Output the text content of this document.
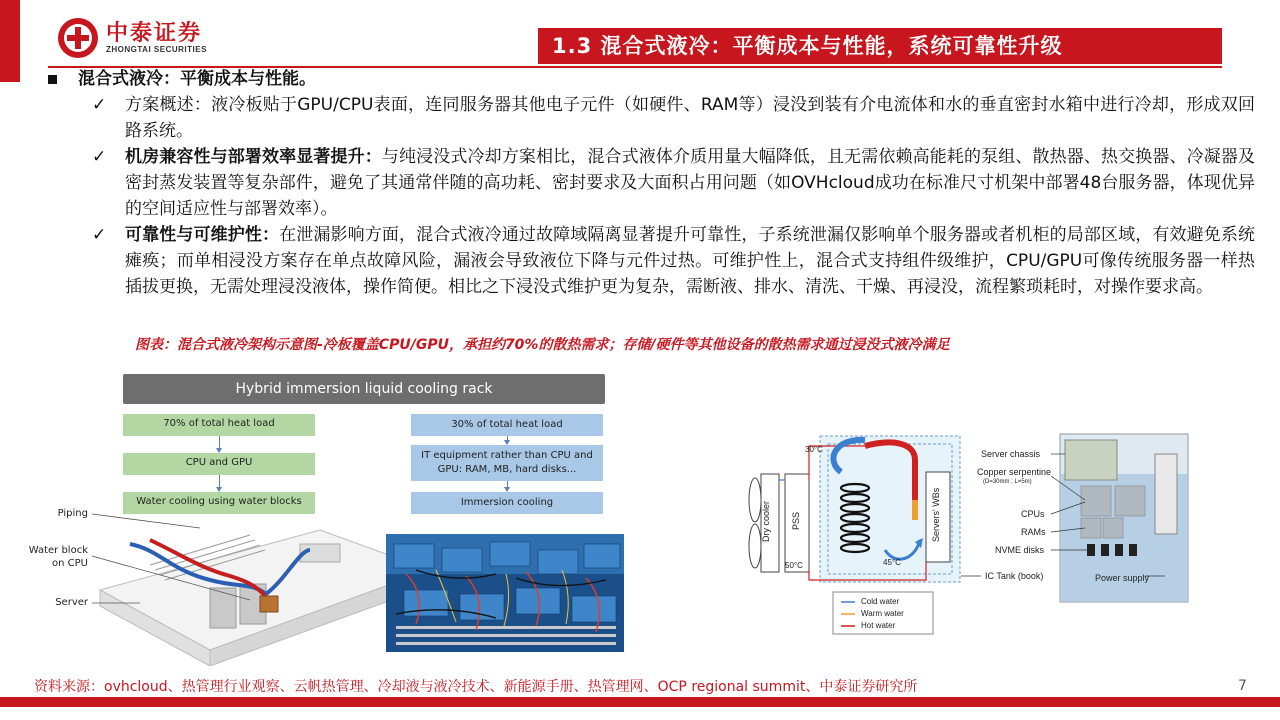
中泰证券
ZHONGTAI SECURITIES	1.3 混合式液冷：平衡成本与性能，系统可靠性升级
混合式液冷：平衡成本与性能。
✓ 方案概述：液冷板贴于GPU/CPU表面，连同服务器其他电子元件（如硬件、RAM等）浸没到装有介电流体和水的垂直密封水箱中进行冷却，形成双回路系统。
✓ 机房兼容性与部署效率显著提升：与纯浸没式冷却方案相比，混合式液体介质用量大幅降低，且无需依赖高能耗的泵组、散热器、热交换器、冷凝器及密封蒸发装置等复杂部件，避免了其通常伴随的高功耗、密封要求及大面积占用问题（如OVHcloud成功在标准尺寸机架中部署48台服务器，体现优异的空间适应性与部署效率）。
✓ 可靠性与可维护性：在泄漏影响方面，混合式液冷通过故障域隔离显著提升可靠性，子系统泄漏仅影响单个服务器或者机柜的局部区域，有效避免系统瘫痪；而单相浸没方案存在单点故障风险，漏液会导致液位下降与元件过热。可维护性上，混合式支持组件级维护，CPU/GPU可像传统服务器一样热插拔更换，无需处理浸没液体，操作简便。相比之下浸没式维护更为复杂，需断液、排水、清洗、干燥、再浸没，流程繁琐耗时，对操作要求高。
图表：混合式液冷架构示意图-冷板覆盖CPU/GPU，承担约70%的散热需求；存储/硬件等其他设备的散热需求通过浸没式液冷满足
Hybrid immersion liquid cooling rack
70% of total heat load
CPU and GPU
Water cooling using water blocks
30% of total heat load
IT equipment rather than CPU and GPU: RAM, MB, hard disks...
Immersion cooling
Piping
Water block on CPU
Server
Dry cooler PSS	Servers' WBs
30°C
50°C	45°C
Server chassis
Copper serpentine
(D=30mm ; L=5m)
CPUs
RAMs
NVME disks
IC Tank (book)	Power supply
Cold water
Warm water
Hot water
资料来源：ovhcloud、热管理行业观察、云帆热管理、冷却液与液冷技术、新能源手册、热管理网、OCP regional summit、中泰证券研究所	7
